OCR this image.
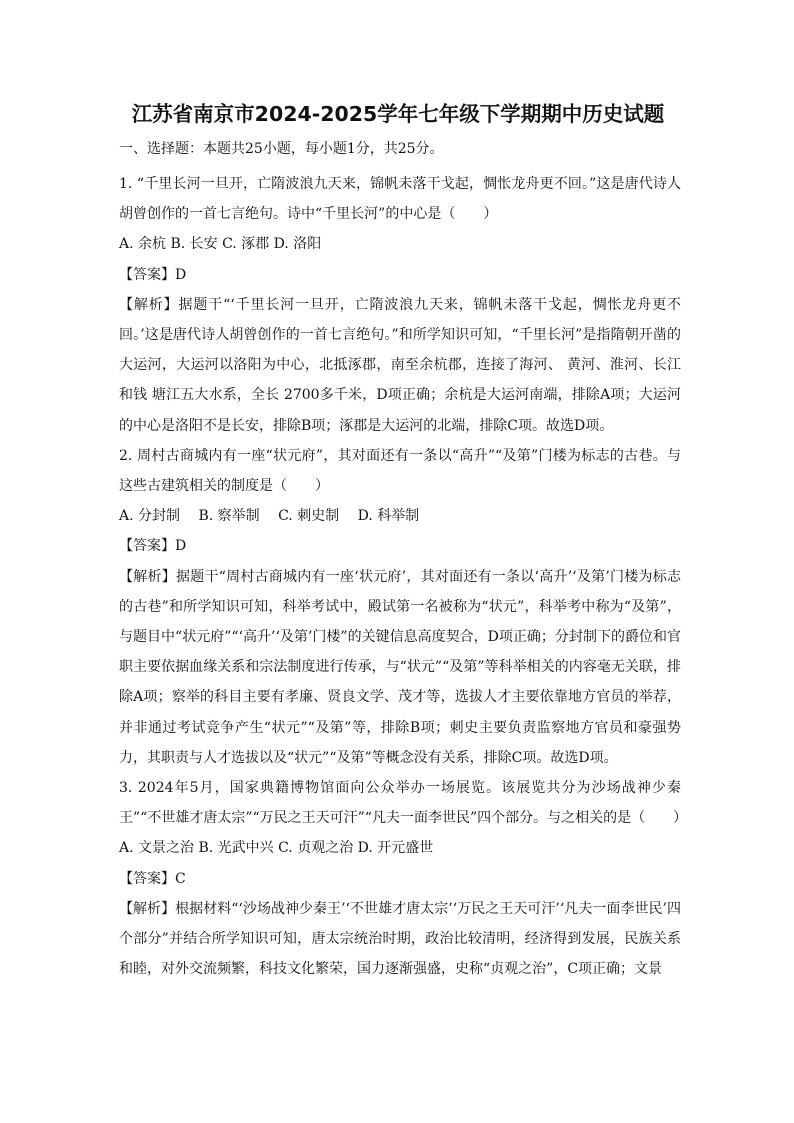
江苏省南京市2024-2025学年七年级下学期期中历史试题
一、选择题：本题共25小题，每小题1分，共25分。

1. “千里长河一旦开，亡隋波浪九天来，锦帆未落干戈起，惆怅龙舟更不回。”这是唐代诗人胡曾创作的一首七言绝句。诗中“千里长河”的中心是（　　）

A. 余杭 B. 长安 C. 涿郡 D. 洛阳

【答案】D

【解析】据题干“‘千里长河一旦开，亡隋波浪九天来，锦帆未落干戈起，惆怅龙舟更不回。’这是唐代诗人胡曾创作的一首七言绝句。”和所学知识可知，“千里长河”是指隋朝开凿的大运河，大运河以洛阳为中心，北抵涿郡，南至余杭郡，连接了海河、 黄河、淮河、长江和钱 塘江五大水系，全长 2700多千米，D项正确；余杭是大运河南端，排除A项；大运河的中心是洛阳不是长安，排除B项；涿郡是大运河的北端，排除C项。故选D项。

2. 周村古商城内有一座“状元府”，其对面还有一条以“高升”“及第”门楼为标志的古巷。与这些古建筑相关的制度是（　　）

A. 分封制　 B. 察举制　 C. 刺史制　 D. 科举制

【答案】D

【解析】据题干“周村古商城内有一座‘状元府’，其对面还有一条以‘高升’‘及第’门楼为标志的古巷”和所学知识可知，科举考试中，殿试第一名被称为“状元”，科举考中称为“及第”，与题目中“状元府”“‘高升’‘及第’门楼”的关键信息高度契合，D项正确；分封制下的爵位和官职主要依据血缘关系和宗法制度进行传承，与“状元”“及第”等科举相关的内容毫无关联，排除A项；察举的科目主要有孝廉、贤良文学、茂才等，选拔人才主要依靠地方官员的举荐，并非通过考试竞争产生“状元”“及第”等，排除B项；刺史主要负责监察地方官员和豪强势力，其职责与人才选拔以及“状元”“及第”等概念没有关系，排除C项。故选D项。

3. 2024年5月，国家典籍博物馆面向公众举办一场展览。该展览共分为沙场战神少秦王”“不世雄才唐太宗”“万民之王天可汗”“凡夫一面李世民”四个部分。与之相关的是（　　）

A. 文景之治 B. 光武中兴 C. 贞观之治 D. 开元盛世

【答案】C

【解析】根据材料“‘沙场战神少秦王’‘不世雄才唐太宗’‘万民之王天可汗’‘凡夫一面李世民’四个部分”并结合所学知识可知，唐太宗统治时期，政治比较清明，经济得到发展，民族关系和睦，对外交流频繁，科技文化繁荣，国力逐渐强盛，史称“贞观之治”，C项正确；文景
